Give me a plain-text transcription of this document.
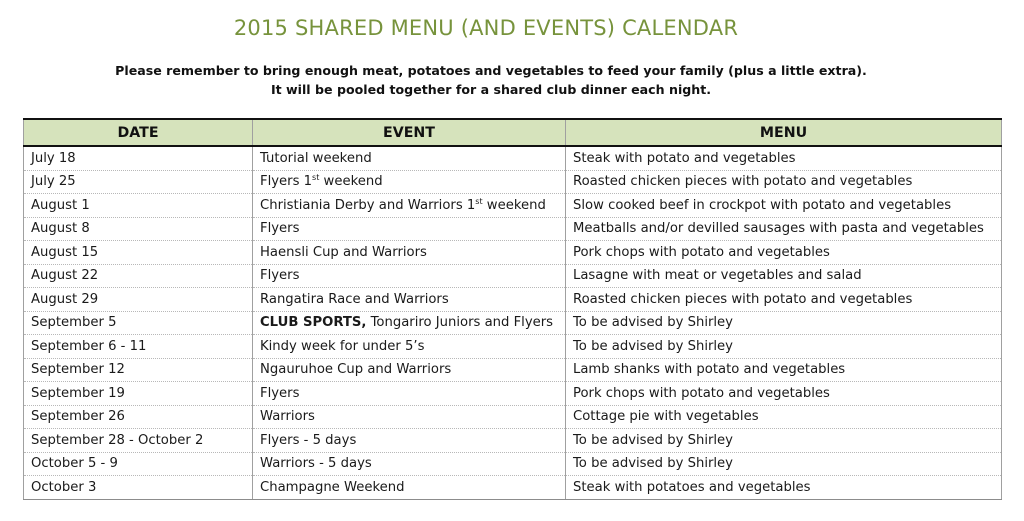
2015 SHARED MENU (AND EVENTS) CALENDAR
Please remember to bring enough meat, potatoes and vegetables to feed your family (plus a little extra).
It will be pooled together for a shared club dinner each night.
DATE	EVENT	MENU
July 18	Tutorial weekend	Steak with potato and vegetables
July 25	Flyers 1st weekend	Roasted chicken pieces with potato and vegetables
August 1	Christiania Derby and Warriors 1st weekend	Slow cooked beef in crockpot with potato and vegetables
August 8	Flyers	Meatballs and/or devilled sausages with pasta and vegetables
August 15	Haensli Cup and Warriors	Pork chops with potato and vegetables
August 22	Flyers	Lasagne with meat or vegetables and salad
August 29	Rangatira Race and Warriors	Roasted chicken pieces with potato and vegetables
September 5	CLUB SPORTS, Tongariro Juniors and Flyers	To be advised by Shirley
September 6 - 11	Kindy week for under 5’s	To be advised by Shirley
September 12	Ngauruhoe Cup and Warriors	Lamb shanks with potato and vegetables
September 19	Flyers	Pork chops with potato and vegetables
September 26	Warriors	Cottage pie with vegetables
September 28 - October 2	Flyers - 5 days	To be advised by Shirley
October 5 - 9	Warriors - 5 days	To be advised by Shirley
October 3	Champagne Weekend	Steak with potatoes and vegetables
